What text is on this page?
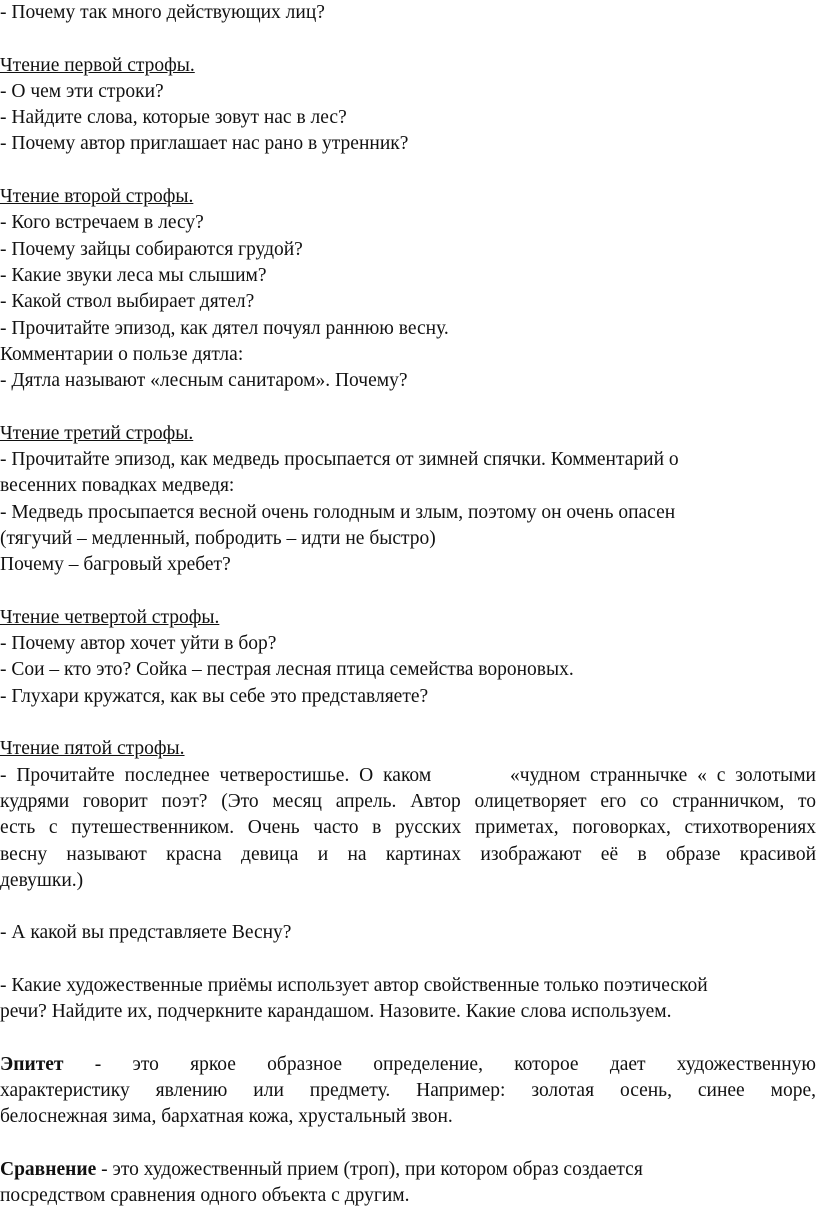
- Почему так много действующих лиц?
Чтение первой строфы.
- О чем эти строки?
- Найдите слова, которые зовут нас в лес?
- Почему автор приглашает нас рано в утренник?
Чтение второй строфы.
- Кого встречаем в лесу?
- Почему зайцы собираются грудой?
- Какие звуки леса мы слышим?
- Какой ствол выбирает дятел?
- Прочитайте эпизод, как дятел почуял раннюю весну.
Комментарии о пользе дятла:
- Дятла называют «лесным санитаром». Почему?
Чтение третий строфы.
- Прочитайте эпизод, как медведь просыпается от зимней спячки. Комментарий о
весенних повадках медведя:
- Медведь просыпается весной очень голодным и злым, поэтому он очень опасен
(тягучий – медленный, побродить – идти не быстро)
Почему – багровый хребет?
Чтение четвертой строфы.
- Почему автор хочет уйти в бор?
- Сои – кто это? Сойка – пестрая лесная птица семейства вороновых.
- Глухари кружатся, как вы себе это представляете?
Чтение пятой строфы.
- Прочитайте последнее четверостишье. О каком        «чудном страннычке « с золотыми
кудрями говорит поэт? (Это месяц апрель. Автор олицетворяет его со странничком, то
есть с путешественником. Очень часто в русских приметах, поговорках, стихотворениях
весну называют красна девица и на картинах изображают её в образе красивой
девушки.)
- А какой вы представляете Весну?
- Какие художественные приёмы использует автор свойственные только поэтической
речи? Найдите их, подчеркните карандашом. Назовите. Какие слова используем.
Эпитет - это яркое образное определение, которое дает художественную
характеристику явлению или предмету. Например: золотая осень, синее море,
белоснежная зима, бархатная кожа, хрустальный звон.
Сравнение - это художественный прием (троп), при котором образ создается
посредством сравнения одного объекта с другим.
